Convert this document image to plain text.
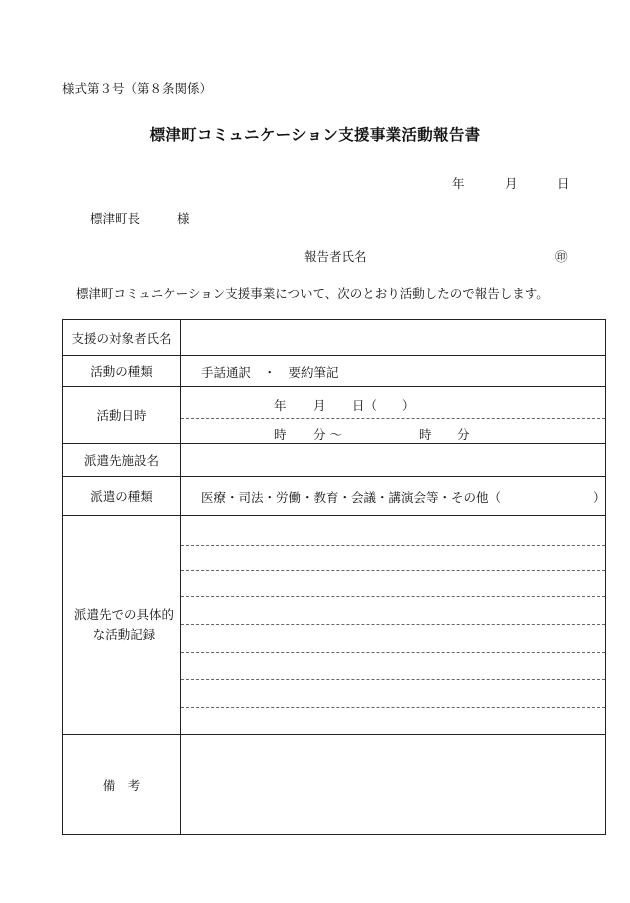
様式第３号（第８条関係）
標津町コミュニケーション支援事業活動報告書
年	月	日
標津町長	様
報告者氏名	㊞
標津町コミュニケーション支援事業について、次のとおり活動したので報告します。
支援の対象者氏名
活動の種類	手話通訳　・　要約筆記
活動日時
年 月 日（　　）
時 分 〜	時 分
派遣先施設名
派遣の種類	医療・司法・労働・教育・会議・講演会等・その他（	）
派遣先での具体的な活動記録
備　考
